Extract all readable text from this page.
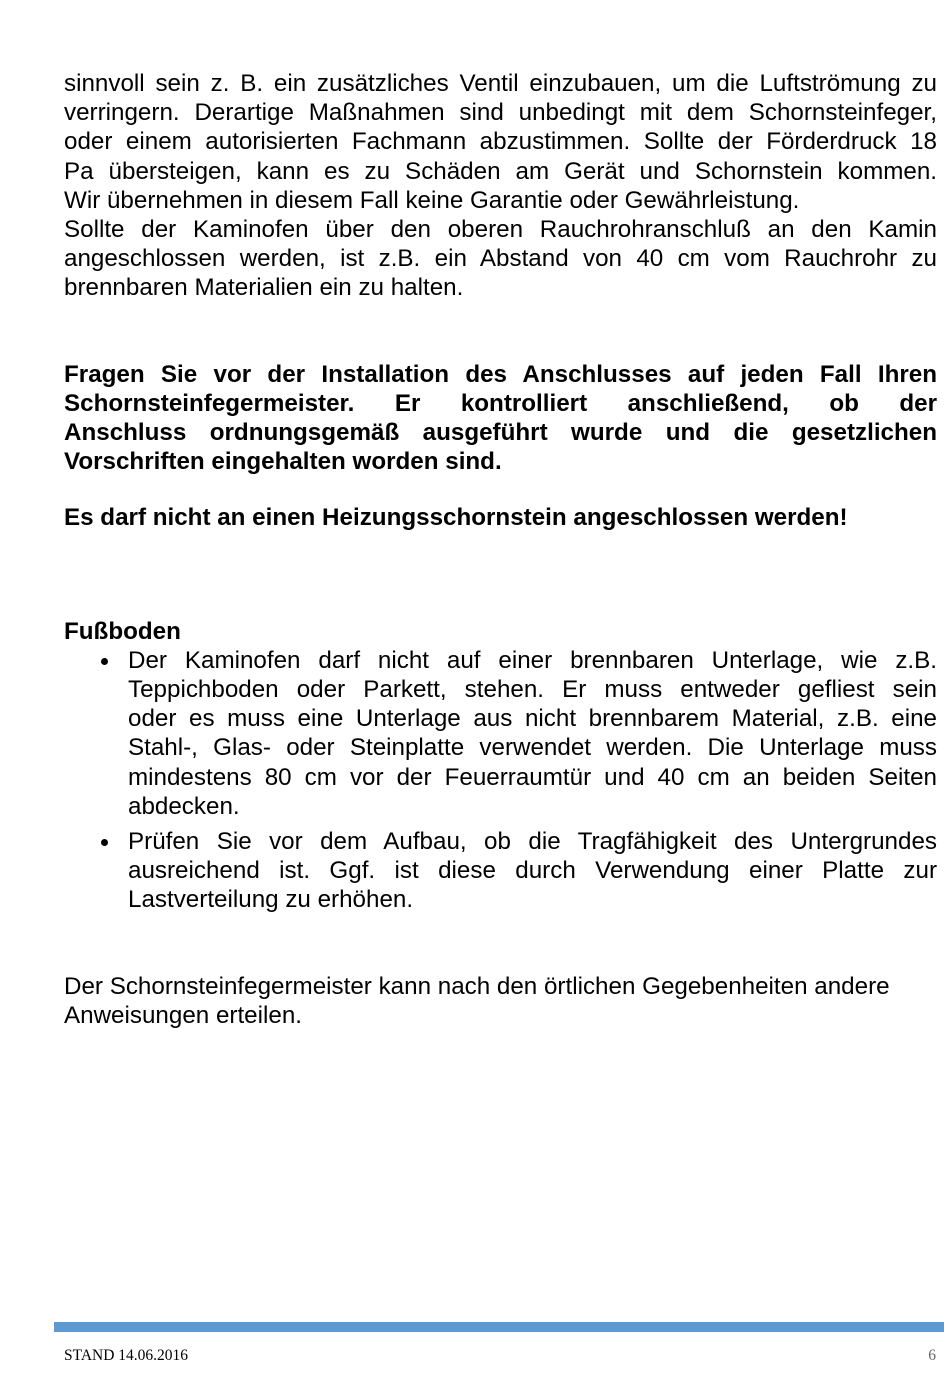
sinnvoll sein z. B. ein zusätzliches Ventil einzubauen, um die Luftströmung zu
verringern. Derartige Maßnahmen sind unbedingt mit dem Schornsteinfeger,
oder einem autorisierten Fachmann abzustimmen. Sollte der Förderdruck 18
Pa übersteigen, kann es zu Schäden am Gerät und Schornstein kommen.
Wir übernehmen in diesem Fall keine Garantie oder Gewährleistung.
Sollte der Kaminofen über den oberen Rauchrohranschluß an den Kamin
angeschlossen werden, ist z.B. ein Abstand von 40 cm vom Rauchrohr zu
brennbaren Materialien ein zu halten.
Fragen Sie vor der Installation des Anschlusses auf jeden Fall Ihren
Schornsteinfegermeister. Er kontrolliert anschließend, ob der
Anschluss ordnungsgemäß ausgeführt wurde und die gesetzlichen
Vorschriften eingehalten worden sind.
Es darf nicht an einen Heizungsschornstein angeschlossen werden!
Fußboden
Der Kaminofen darf nicht auf einer brennbaren Unterlage, wie z.B.
Teppichboden oder Parkett, stehen. Er muss entweder gefliest sein
oder es muss eine Unterlage aus nicht brennbarem Material, z.B. eine
Stahl-, Glas- oder Steinplatte verwendet werden. Die Unterlage muss
mindestens 80 cm vor der Feuerraumtür und 40 cm an beiden Seiten
abdecken.
Prüfen Sie vor dem Aufbau, ob die Tragfähigkeit des Untergrundes
ausreichend ist. Ggf. ist diese durch Verwendung einer Platte zur
Lastverteilung zu erhöhen.
Der Schornsteinfegermeister kann nach den örtlichen Gegebenheiten andere
Anweisungen erteilen.
STAND 14.06.2016	6
